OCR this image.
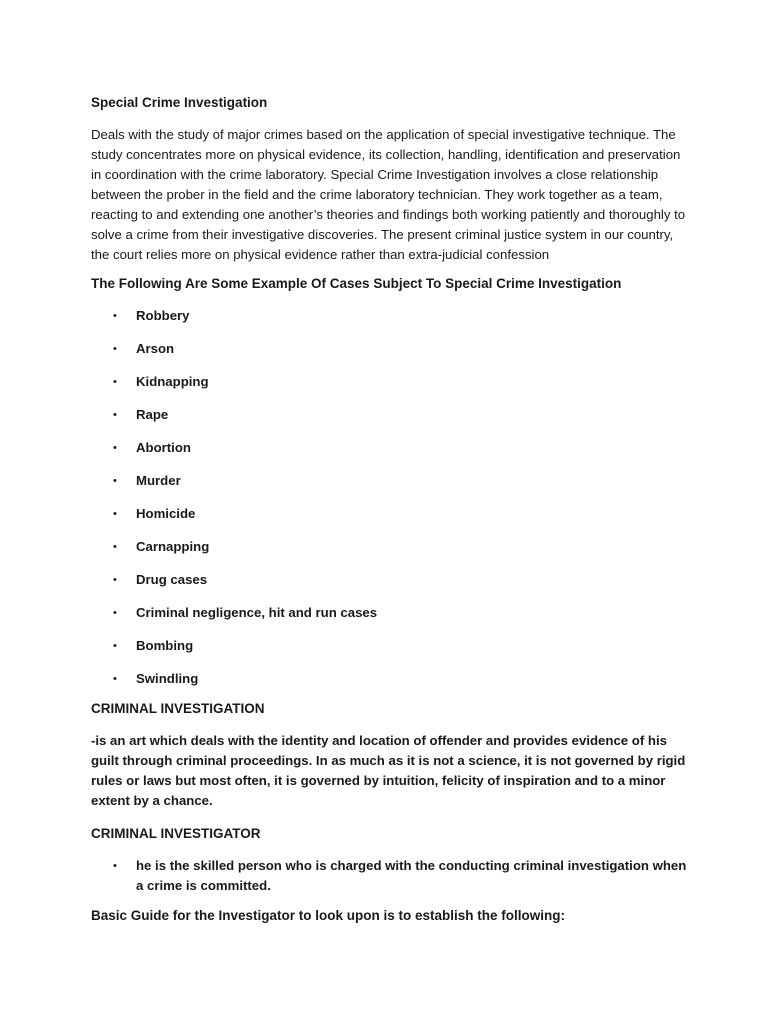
Special Crime Investigation
Deals with the study of major crimes based on the application of special investigative technique. The study concentrates more on physical evidence, its collection, handling, identification and preservation in coordination with the crime laboratory. Special Crime Investigation involves a close relationship between the prober in the field and the crime laboratory technician. They work together as a team, reacting to and extending one another’s theories and findings both working patiently and thoroughly to solve a crime from their investigative discoveries. The present criminal justice system in our country, the court relies more on physical evidence rather than extra-judicial confession
The Following Are Some Example Of Cases Subject To Special Crime Investigation
• Robbery
• Arson
• Kidnapping
• Rape
• Abortion
• Murder
• Homicide
• Carnapping
• Drug cases
• Criminal negligence, hit and run cases
• Bombing
• Swindling
CRIMINAL INVESTIGATION
-is an art which deals with the identity and location of offender and provides evidence of his guilt through criminal proceedings. In as much as it is not a science, it is not governed by rigid rules or laws but most often, it is governed by intuition, felicity of inspiration and to a minor extent by a chance.
CRIMINAL INVESTIGATOR
• he is the skilled person who is charged with the conducting criminal investigation when a crime is committed.
Basic Guide for the Investigator to look upon is to establish the following:
